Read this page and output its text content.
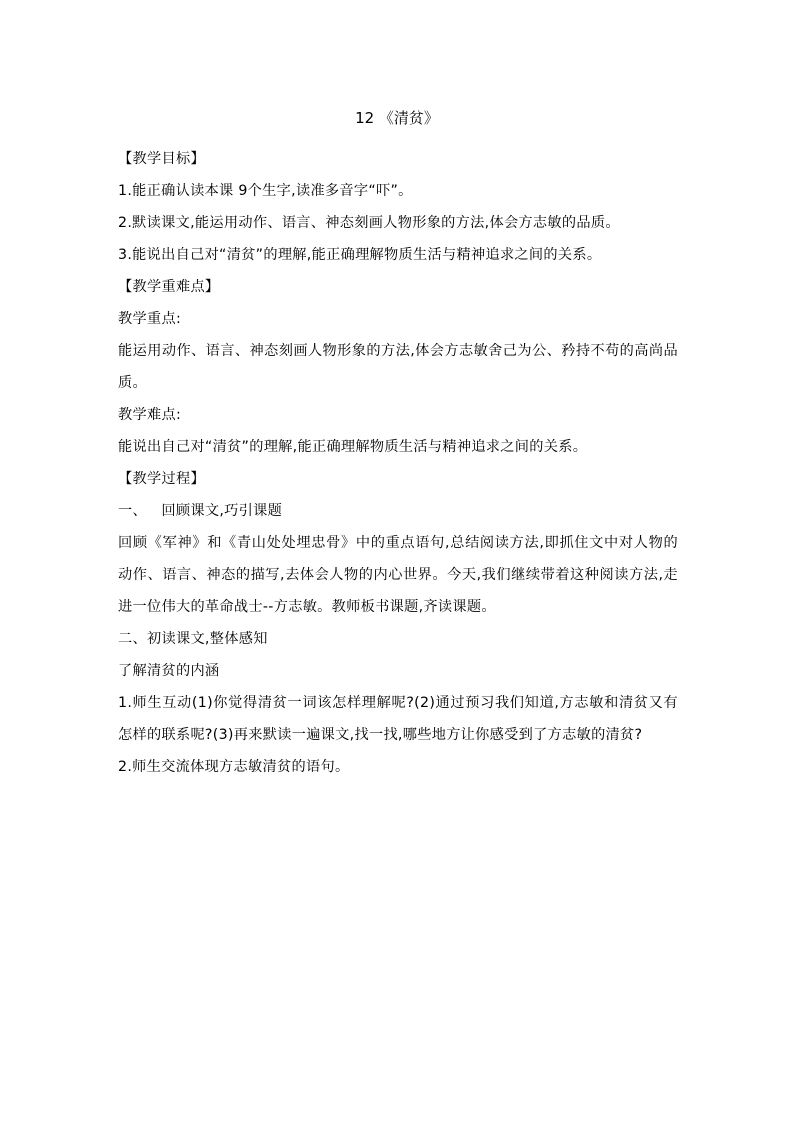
12 《清贫》

【教学目标】

1.能正确认读本课 9个生字,读准多音字“吓”。

2.默读课文,能运用动作、语言、神态刻画人物形象的方法,体会方志敏的品质。

3.能说出自己对“清贫”的理解,能正确理解物质生活与精神追求之间的关系。

【教学重难点】

教学重点:

能运用动作、语言、神态刻画人物形象的方法,体会方志敏舍己为公、矜持不苟的高尚品质。

教学难点:

能说出自己对“清贫”的理解,能正确理解物质生活与精神追求之间的关系。

【教学过程】

一、   回顾课文,巧引课题

回顾《军神》和《青山处处埋忠骨》中的重点语句,总结阅读方法,即抓住文中对人物的动作、语言、神态的描写,去体会人物的内心世界。今天,我们继续带着这种阅读方法,走进一位伟大的革命战士--方志敏。教师板书课题,齐读课题。

二、初读课文,整体感知

了解清贫的内涵

1.师生互动(1)你觉得清贫一词该怎样理解呢?(2)通过预习我们知道,方志敏和清贫又有怎样的联系呢?(3)再来默读一遍课文,找一找,哪些地方让你感受到了方志敏的清贫?

2.师生交流体现方志敏清贫的语句。
